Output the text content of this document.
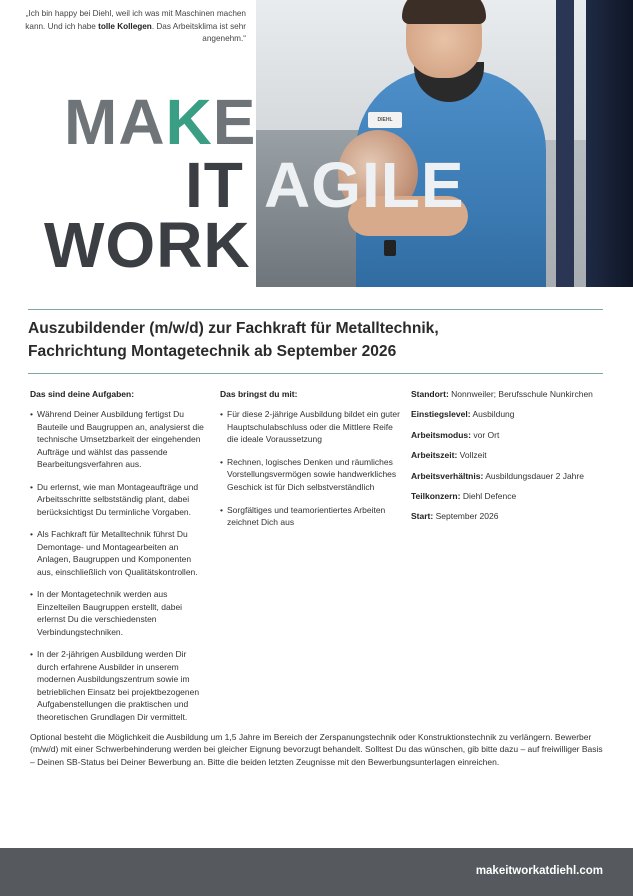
„Ich bin happy bei Diehl, weil ich was mit Maschinen machen kann. Und ich habe tolle Kollegen. Das Arbeitsklima ist sehr angenehm.“

DIEHL
MAKE
IT AGILE
WORK
Auszubildender (m/w/d) zur Fachkraft für Metalltechnik,
Fachrichtung Montagetechnik ab September 2026
Das sind deine Aufgaben:
• Während Deiner Ausbildung fertigst Du Bauteile und Baugruppen an, analysierst die technische Umsetzbarkeit der eingehenden Aufträge und wählst das passende Bearbeitungsverfahren aus.
• Du erlernst, wie man Montageaufträge und Arbeitsschritte selbstständig plant, dabei berücksichtigst Du terminliche Vorgaben.
• Als Fachkraft für Metalltechnik führst Du Demontage- und Montagearbeiten an Anlagen, Baugruppen und Komponenten aus, einschließlich von Qualitätskontrollen.
• In der Montagetechnik werden aus Einzelteilen Baugruppen erstellt, dabei erlernst Du die verschiedensten Verbindungstechniken.
• In der 2-jährigen Ausbildung werden Dir durch erfahrene Ausbilder in unserem modernen Ausbildungszentrum sowie im betrieblichen Einsatz bei projektbezogenen Aufgabenstellungen die praktischen und theoretischen Grundlagen Dir vermittelt.
Das bringst du mit:
• Für diese 2-jährige Ausbildung bildet ein guter Hauptschulabschluss oder die Mittlere Reife die ideale Voraussetzung
• Rechnen, logisches Denken und räumliches Vorstellungsvermögen sowie handwerkliches Geschick ist für Dich selbstverständlich
• Sorgfältiges und teamorientiertes Arbeiten zeichnet Dich aus
Standort: Nonnweiler; Berufsschule Nunkirchen
Einstiegslevel: Ausbildung
Arbeitsmodus: vor Ort
Arbeitszeit: Vollzeit
Arbeitsverhältnis: Ausbildungsdauer 2 Jahre
Teilkonzern: Diehl Defence
Start: September 2026

Optional besteht die Möglichkeit die Ausbildung um 1,5 Jahre im Bereich der Zerspanungstechnik oder Konstruktionstechnik zu verlängern. Bewerber (m/w/d) mit einer Schwerbehinderung werden bei gleicher Eignung bevorzugt behandelt. Solltest Du das wünschen, gib bitte dazu – auf freiwilliger Basis – Deinen SB-Status bei Deiner Bewerbung an. Bitte die beiden letzten Zeugnisse mit den Bewerbungsunterlagen einreichen.

makeitworkatdiehl.com
